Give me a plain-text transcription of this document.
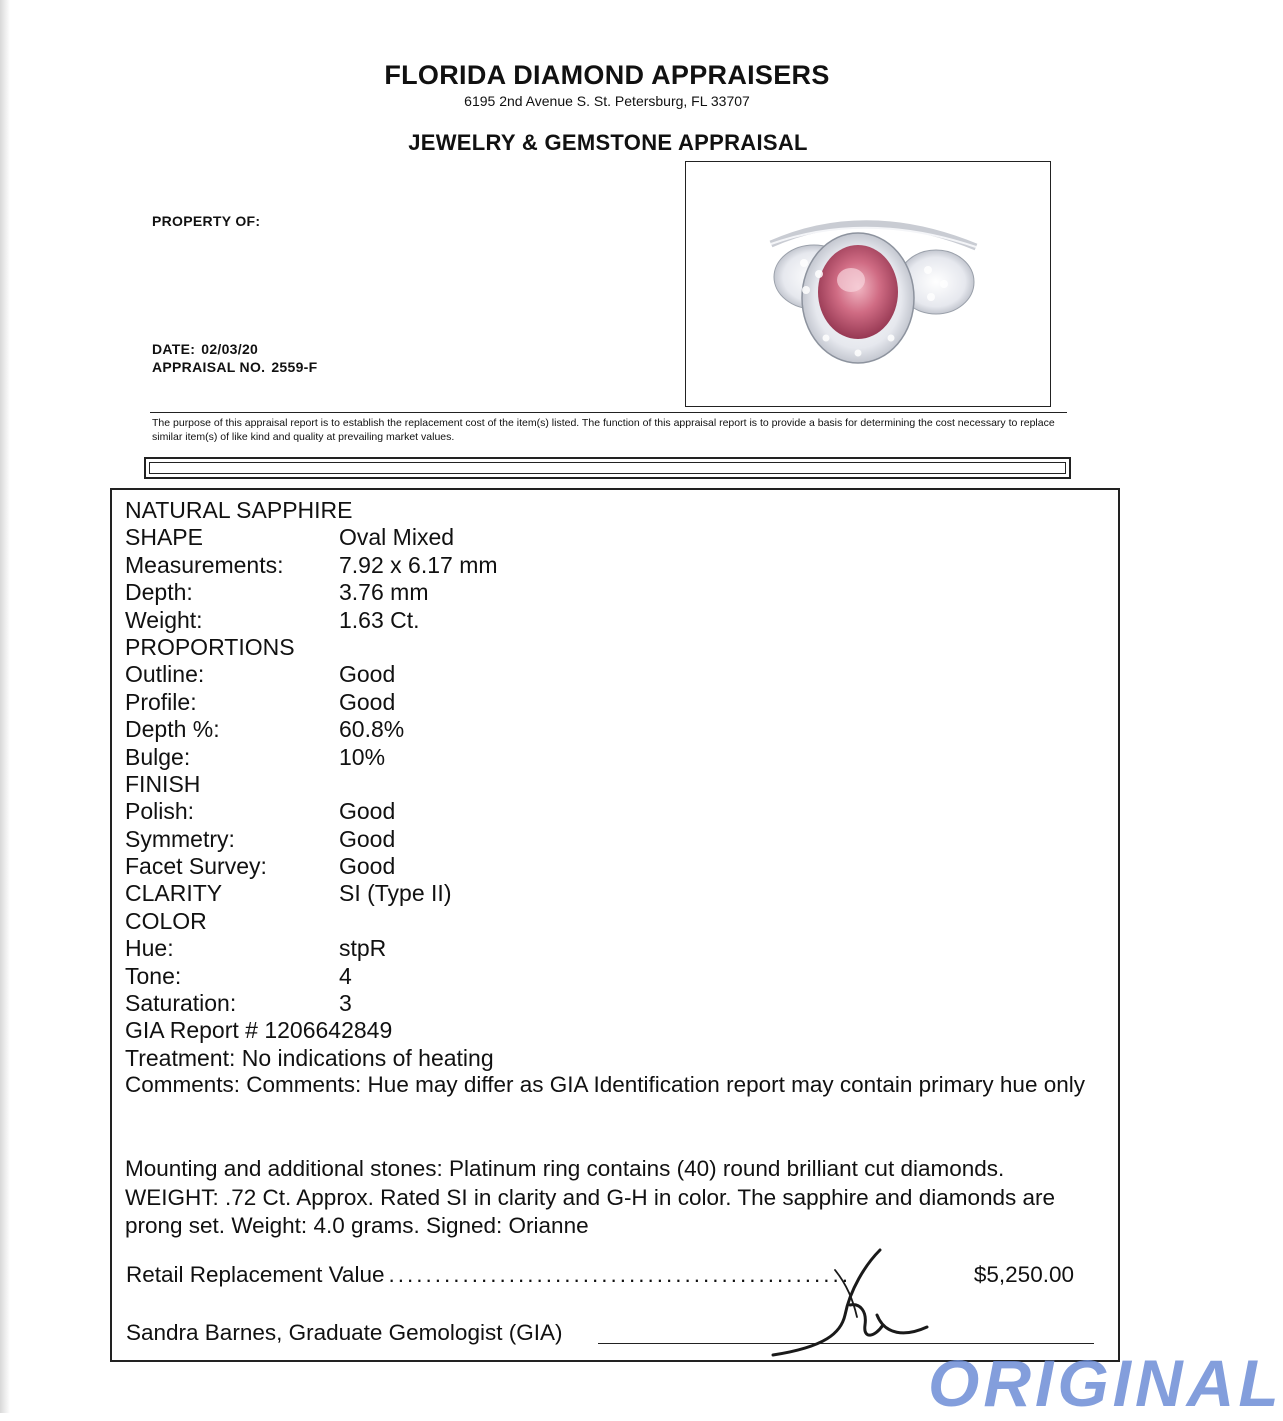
FLORIDA DIAMOND APPRAISERS
6195 2nd Avenue S. St. Petersburg, FL 33707
JEWELRY & GEMSTONE APPRAISAL
PROPERTY OF:
DATE: 02/03/20
APPRAISAL NO. 2559-F
The purpose of this appraisal report is to establish the replacement cost of the item(s) listed. The function of this appraisal report is to provide a basis for determining the cost necessary to replace similar item(s) of like kind and quality at prevailing market values.
NATURAL SAPPHIRE
SHAPE	Oval Mixed
Measurements: 7.92 x 6.17 mm
Depth:	3.76 mm
Weight:	1.63 Ct.
PROPORTIONS
Outline:	Good
Profile:	Good
Depth %:	60.8%
Bulge:	10%
FINISH
Polish:	Good
Symmetry:	Good
Facet Survey:	Good
CLARITY	SI (Type II)
COLOR
Hue:	stpR
Tone:	4
Saturation:	3
GIA Report # 1206642849
Treatment: No indications of heating
Comments: Comments: Hue may differ as GIA Identification report may contain primary hue only
Mounting and additional stones: Platinum ring contains (40) round brilliant cut diamonds. WEIGHT: .72 Ct. Approx. Rated SI in clarity and G-H in color. The sapphire and diamonds are prong set. Weight: 4.0 grams. Signed: Orianne
Retail Replacement Value ..................................................	$5,250.00
Sandra Barnes, Graduate Gemologist (GIA)
ORIGINAL
